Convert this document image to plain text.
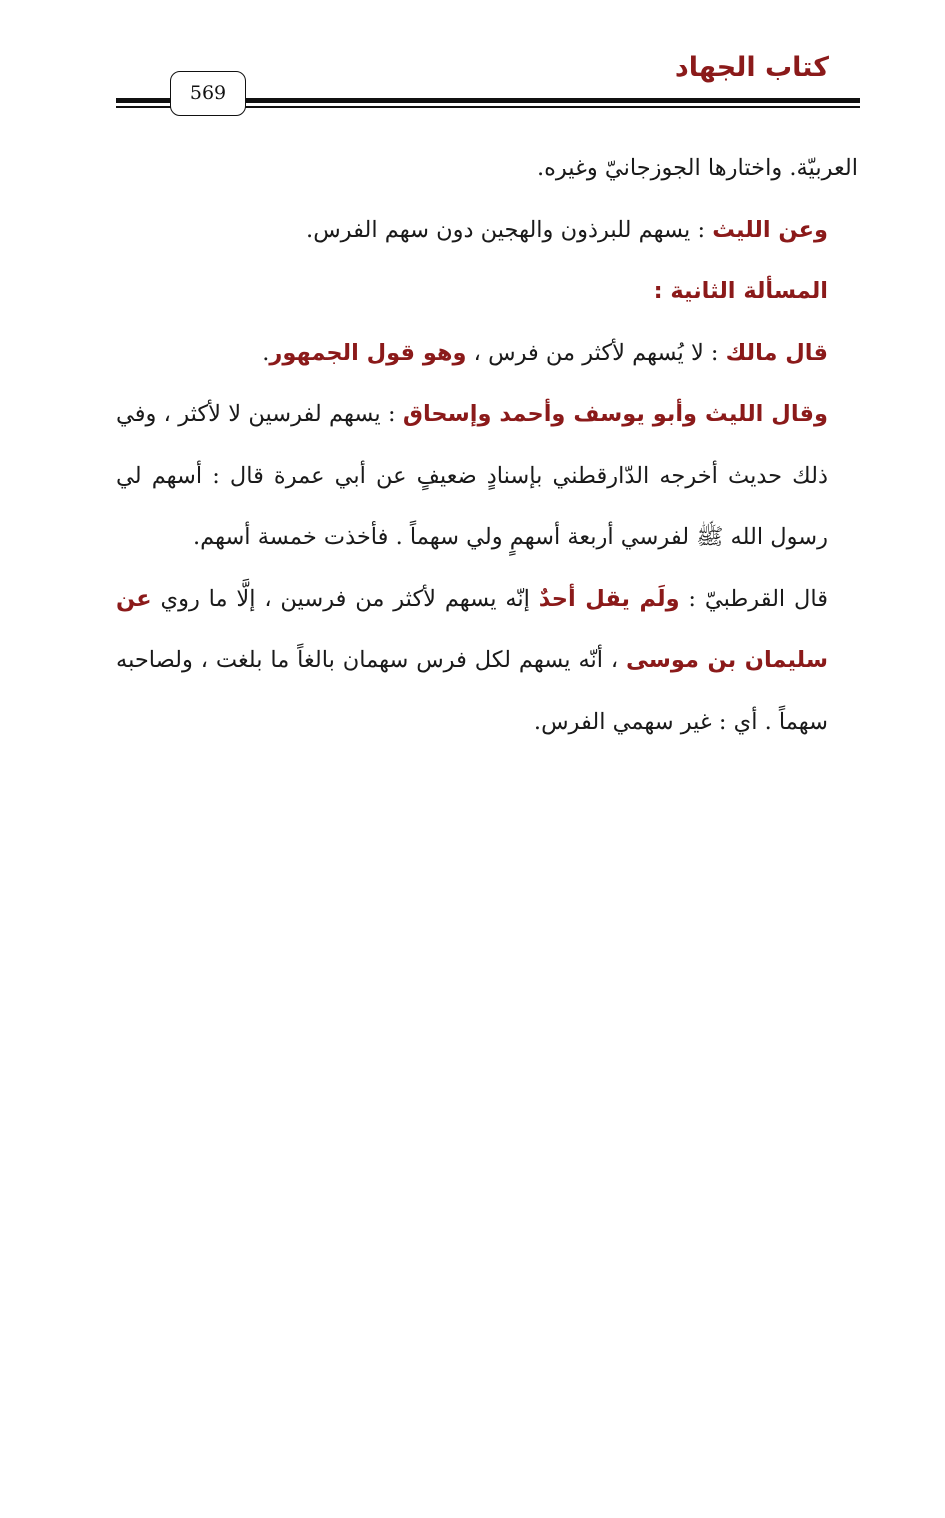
كتاب الجهاد
569

العربيّة. واختارها الجوزجانيّ وغيره.

وعن الليث : يسهم للبرذون والهجين دون سهم الفرس.

المسألة الثانية :

قال مالك : لا يُسهم لأكثر من فرس ، وهو قول الجمهور.

وقال الليث وأبو يوسف وأحمد وإسحاق : يسهم لفرسين لا لأكثر ، وفي ذلك حديث أخرجه الدّارقطني بإسنادٍ ضعيفٍ عن أبي عمرة قال : أسهم لي رسول الله ﷺ لفرسي أربعة أسهمٍ ولي سهماً . فأخذت خمسة أسهم.

قال القرطبيّ : ولَم يقل أحدٌ إنّه يسهم لأكثر من فرسين ، إلَّا ما روي عن سليمان بن موسى ، أنّه يسهم لكل فرس سهمان بالغاً ما بلغت ، ولصاحبه سهماً . أي : غير سهمي الفرس.
